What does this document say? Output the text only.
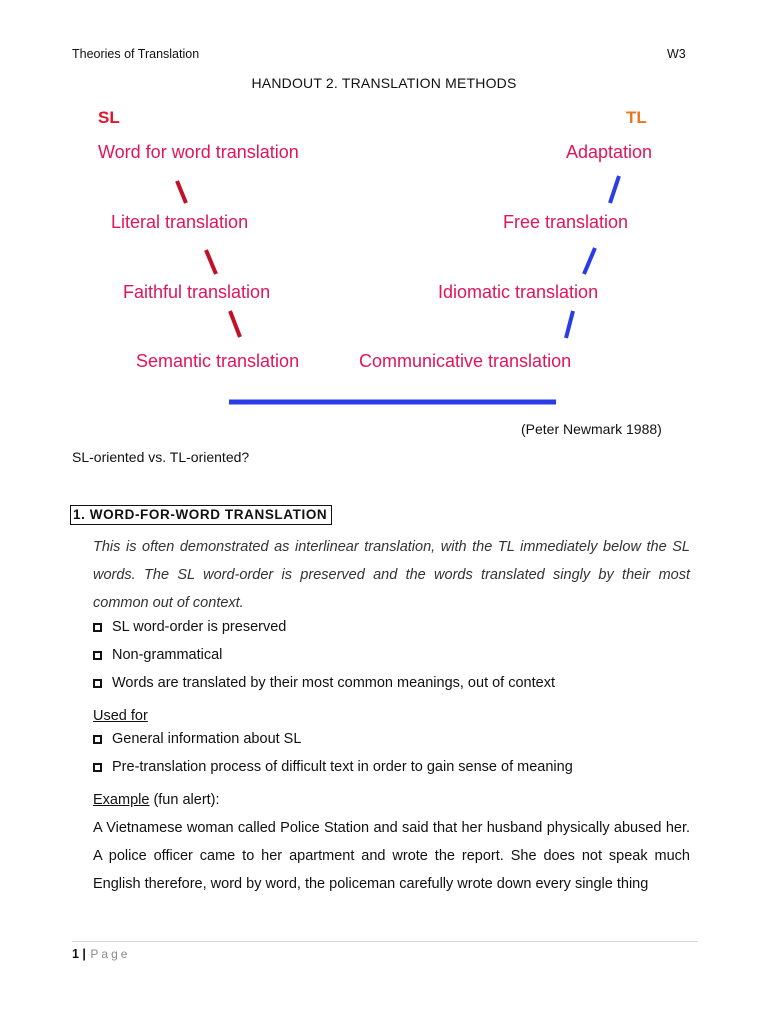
Theories of Translation	W3
HANDOUT 2. TRANSLATION METHODS
SL	TL
Word for word translation
Literal translation
Faithful translation
Semantic translation
Adaptation
Free translation
Idiomatic translation
Communicative translation
(Peter Newmark 1988)
SL-oriented vs. TL-oriented?
1. WORD-FOR-WORD TRANSLATION
This is often demonstrated as interlinear translation, with the TL immediately below the SL words. The SL word-order is preserved and the words translated singly by their most common out of context.
SL word-order is preserved
Non-grammatical
Words are translated by their most common meanings, out of context
Used for
General information about SL
Pre-translation process of difficult text in order to gain sense of meaning
Example (fun alert):
A Vietnamese woman called Police Station and said that her husband physically abused her. A police officer came to her apartment and wrote the report. She does not speak much English therefore, word by word, the policeman carefully wrote down every single thing
1 | Page
